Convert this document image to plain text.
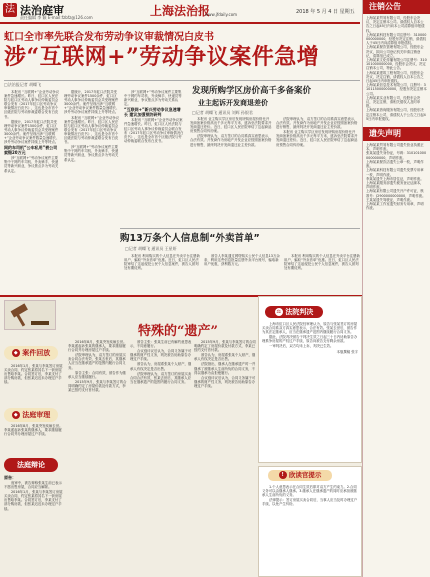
法 法治庭审
责任编辑 李 颖 E-mail:fzbfz@126.com	上海法治报
www.jfdaily.com	2018 年 5 月 4 日 星期五
虹口全市率先联合发布劳动争议审裁情况白皮书
涉“互联网+”劳动争议案件急增
□法治报记者 胡蝶飞

本报讯 “互联网+”企业劳动争议案件急速增长。昨日，虹口区人民法院与虹口区劳动人事争议仲裁委员会联合发布《2017年虹口区劳动争议审裁情况白皮书》，这也是全市首个区级法院与劳动仲裁委联合发布白皮书。

据统计，2017年虹口法院共受理劳动争议案件1500余件，虹口区劳动人事争议仲裁委员会共受理案件3000余件。案件呈现出涉“互联网+”企业劳动争议案件数量急速增长、涉外劳动争议案件持续上升等特点。

网约车司机“公车私用”被公司索赔20万元

涉“互联网+”劳动争议案件主要集中于网约车司机、外卖骑手、快递员等新兴职业，争议焦点多为劳动关系认定。

据统计，2017年虹口法院共受理劳动争议案件1500余件，虹口区劳动人事争议仲裁委员会共受理案件3000余件。案件呈现出涉“互联网+”企业劳动争议案件数量急速增长、涉外劳动争议案件持续上升等特点。

本报讯 “互联网+”企业劳动争议案件急速增长。昨日，虹口区人民法院与虹口区劳动人事争议仲裁委员会联合发布《2017年虹口区劳动争议审裁情况白皮书》，这也是全市首个区级法院与劳动仲裁委联合发布白皮书。

涉“互联网+”劳动争议案件主要集中于网约车司机、外卖骑手、快递员等新兴职业，争议焦点多为劳动关系认定。

涉“互联网+”劳动争议案件主要集中于网约车司机、外卖骑手、快递员等新兴职业，争议焦点多为劳动关系认定。

“互联网+”新兴劳动争议急速增长 建议加强预防研判

本报讯 “互联网+”企业劳动争议案件急速增长。昨日，虹口区人民法院与虹口区劳动人事争议仲裁委员会联合发布《2017年虹口区劳动争议审裁情况白皮书》，这也是全市首个区级法院与劳动仲裁委联合发布白皮书。

发现所购学区房价高千多备案价
业主起诉开发商退差价
□记者 胡蝶飞 通讯员 刘辉 孙银君

本报讯 业主购买学区房后发现所购房屋价格比开发商备案价格高出千多元每平方米，遂诉至法院要求开发商退还差价。近日，虹口区人民法院审结了这起商品房预售合同纠纷案。

法院审理认为，双方签订的合同系真实意思表示，合法有效。开发商作为房地产开发企业应按照备案价格进行销售，最终判决开发商退还业主差价款。

法院审理认为，双方签订的合同系真实意思表示，合法有效。开发商作为房地产开发企业应按照备案价格进行销售，最终判决开发商退还业主差价款。

本报讯 业主购买学区房后发现所购房屋价格比开发商备案价格高出千多元每平方米，遂诉至法院要求开发商退还差价。近日，虹口区人民法院审结了这起商品房预售合同纠纷案。

购13万条个人信息制“外卖首单”
□记者 胡蝶飞 通讯员 王星妍

本报讯 利用购买的个人信息在外卖平台注册新用户，骗取“外卖首单”优惠。近日，虹口区人民法院审结了这起侵犯公民个人信息案件，被告人被判处有期徒刑。

被告人李某通过网络购买公民个人信息13万余条，利用这些信息批量注册外卖平台账号，骗取新用户优惠，获利数万元。

本报讯 利用购买的个人信息在外卖平台注册新用户，骗取“外卖首单”优惠。近日，虹口区人民法院审结了这起侵犯公民个人信息案件，被告人被判处有期徒刑。

特殊的“遗产”
◆ 案件回放

2016年1月，张某与李某签订房屋买卖合同，约定张某将其名下一套房屋出售给李某。合同签订后，李某支付了部分购房款，但张某迟迟未办理过户手续。

◆ 法庭审理

2016年8月，张某突发疾病去世。李某遂起诉张某的继承人，要求继续履行合同并办理房屋过户手续。

法庭辩论

原告：

庭审中，被告辩称张某生前已表示不愿出售房屋，合同应当解除。

2016年1月，张某与李某签订房屋买卖合同，约定张某将其名下一套房屋出售给李某。合同签订后，李某支付了部分购房款，但张某迟迟未办理过户手续。

2016年8月，张某突发疾病去世。李某遂起诉张某的继承人，要求继续履行合同并办理房屋过户手续。

法院审理认为，双方签订的房屋买卖合同合法有效，张某去世后，其继承人应当在继承遗产的范围内履行合同义务。

原告主张：合同有效，被告作为继承人应当继续履行。

2015年9月，张某与李某签订的合同明确约定了房屋价款及付款方式，李某已按约支付首付款。

被告主张：张某生前已有解约意思表示，不同意履行。

合议庭评议后认为，合同义务属于可继承的财产性义务，判决被告协助原告办理过户手续。

被告认为，房屋系张某个人财产，继承人有权决定是否出售。

法院审理认为，双方签订的房屋买卖合同合法有效，张某去世后，其继承人应当在继承遗产的范围内履行合同义务。

2015年9月，张某与李某签订的合同明确约定了房屋价款及付款方式，李某已按约支付首付款。

被告认为，房屋系张某个人财产，继承人有权决定是否出售。

法院指出，继承人在继承遗产时一并继承了被继承人生前所负的合同义务，不得以继承为由拒绝履行。

合议庭评议后认为，合同义务属于可继承的财产性义务，判决被告协助原告办理过户手续。

⚖ 法院判决

上海市虹口区人民法院经审理认为，原告与张某签订的房屋买卖合同系双方真实意思表示，合法有效。张某去世后，被告作为其法定继承人，应当在继承遗产范围内继续履行合同义务。

据此，法院判决被告于判决生效之日起三十日内协助原告办理系争房屋的产权过户手续，原告向被告支付剩余房款。

一审判决后，双方均未上诉，判决已生效。

本版撰稿 张宇

! 欣读官提示

1.个人意思表示在合同生效后即对双方产生约束力。2.合同义务可以由继承人继承。3.继承人在继承遗产的同时应承担被继承人生前所负的义务。

法律提示：签订房屋买卖合同后，当事人应当及时办理过户手续，以免产生纠纷。

注销公告

上海某某贸易有限公司，经股东会决议，决定注销本公司。请债权人自本公告之日起45日内向本公司清算组申报债权。

上海某某科技有限公司注册号：310000000000000，经股东决定注销，请债权人于45日内向清算组申报债权。

上海某某餐饮管理有限公司，经股东会决议，拟向公司登记机关申请注销登记，清算组已成立。

上海某某文化传播有限公司注册号：310101000000000，经股东会决议，决定注销本公司，特此公告。

上海某某建筑工程有限公司，经股东会决议，决定注销，请债权人自本公告之日起45日内申报债权。

上海某某信息技术有限公司，注册号：310115000000000，经股东决定注销本公司。

上海某某实业有限公司，经股东会决议，决定注销，请相关债权人及时申报。

上海某某咨询服务有限公司，经股东决定注销本公司，请债权人于公告之日起45日内申报债权。

遗失声明

上海某某贸易有限公司遗失营业执照正本，声明作废。

张某某遗失身份证，号码：310101000000000000，声明作废。

上海某某餐饮店遗失公章一枚，声明作废。

上海某某科技有限公司遗失发票专用章一枚，声明作废。

李某某遗失上海市居住证，声明作废。

上海某某服务部遗失税务登记证副本，声明作废。

上海某某有限公司遗失开户许可证，核准号：J2900000000000，声明作废。

王某某遗失驾驶证，声明作废。

上海某某工作室遗失财务专用章，声明作废。
